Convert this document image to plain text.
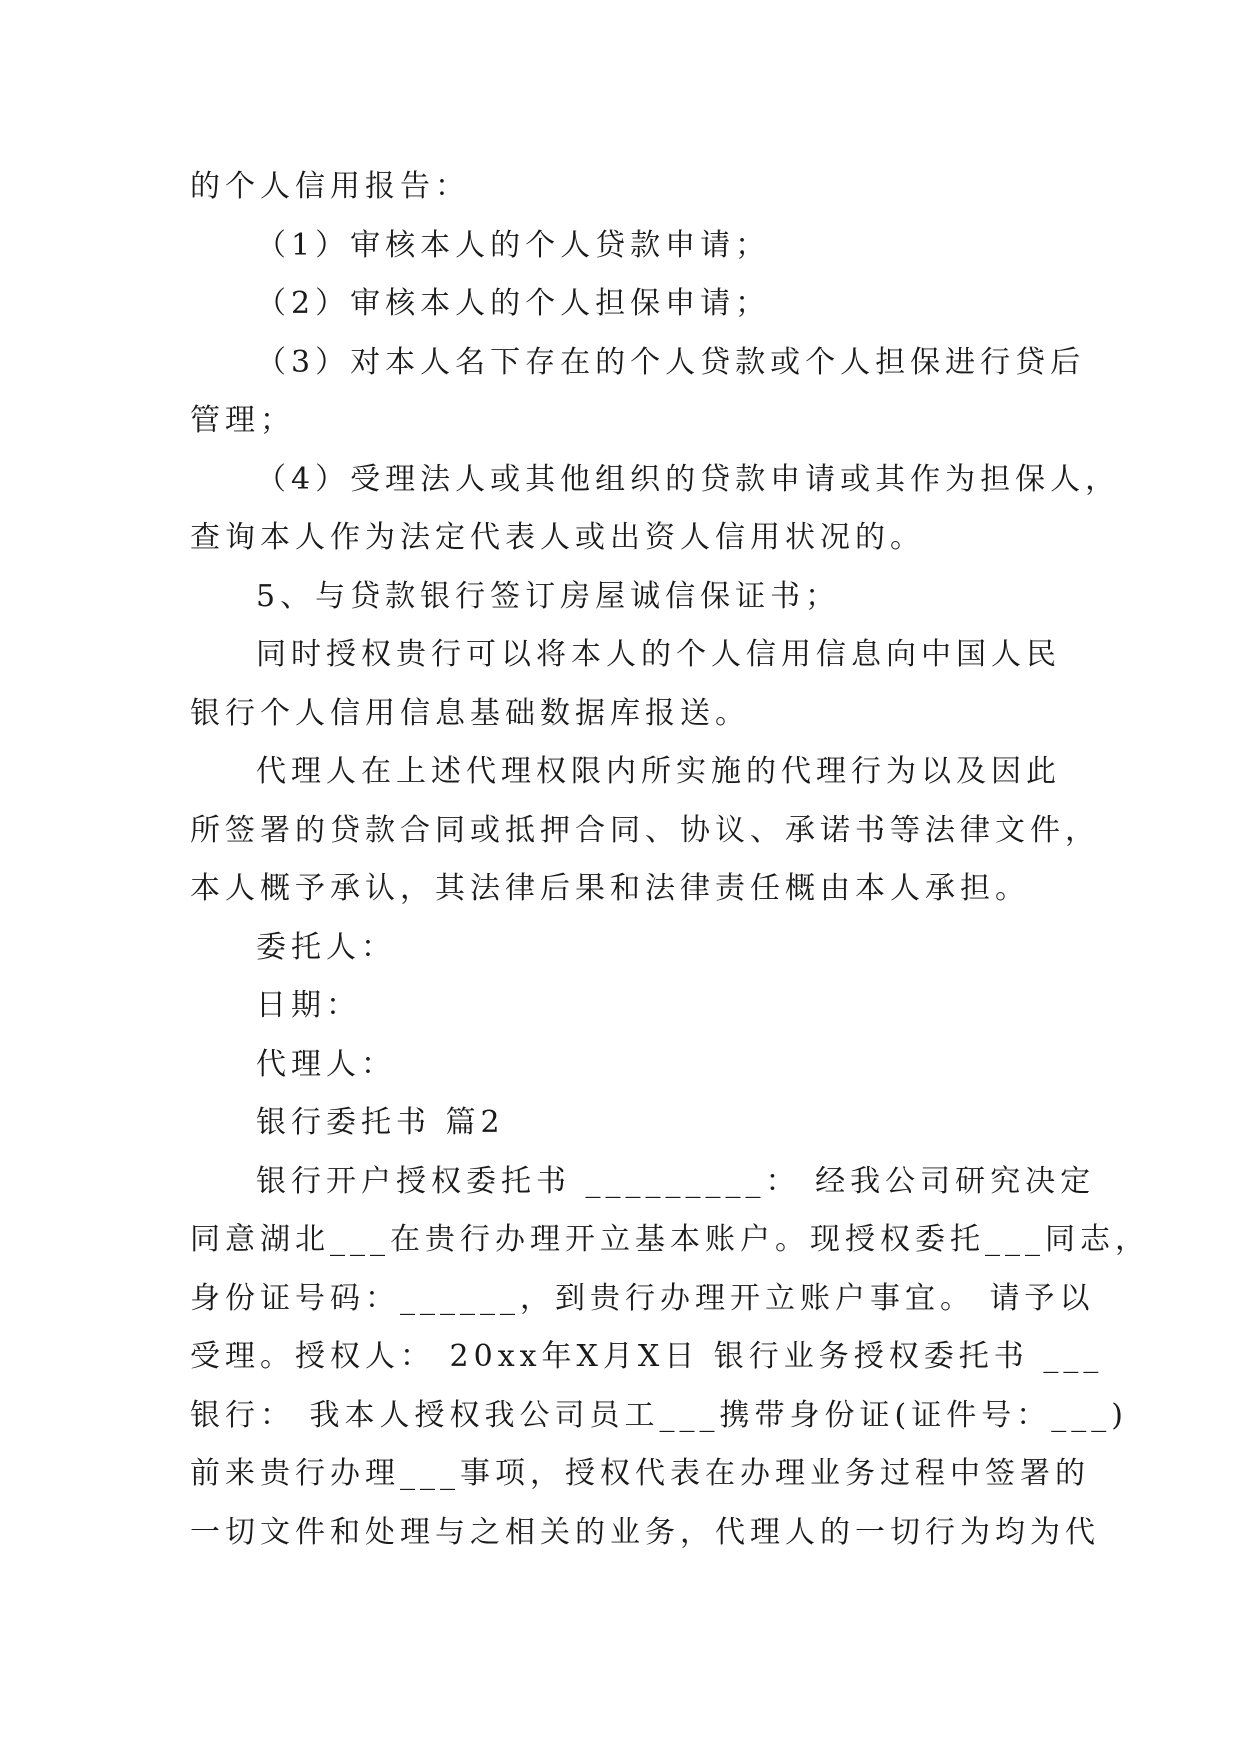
的个人信用报告：
（1）审核本人的个人贷款申请；
（2）审核本人的个人担保申请；
（3）对本人名下存在的个人贷款或个人担保进行贷后
管理；
（4）受理法人或其他组织的贷款申请或其作为担保人，
查询本人作为法定代表人或出资人信用状况的。
5、与贷款银行签订房屋诚信保证书；
同时授权贵行可以将本人的个人信用信息向中国人民
银行个人信用信息基础数据库报送。
代理人在上述代理权限内所实施的代理行为以及因此
所签署的贷款合同或抵押合同、协议、承诺书等法律文件，
本人概予承认，其法律后果和法律责任概由本人承担。
委托人：
日期：
代理人：
银行委托书 篇2
银行开户授权委托书 _________： 经我公司研究决定
同意湖北___在贵行办理开立基本账户。现授权委托___同志，
身份证号码：______，到贵行办理开立账户事宜。 请予以
受理。授权人： 20xx年X月X日 银行业务授权委托书 ___
银行： 我本人授权我公司员工___携带身份证(证件号：___)
前来贵行办理___事项，授权代表在办理业务过程中签署的
一切文件和处理与之相关的业务，代理人的一切行为均为代
